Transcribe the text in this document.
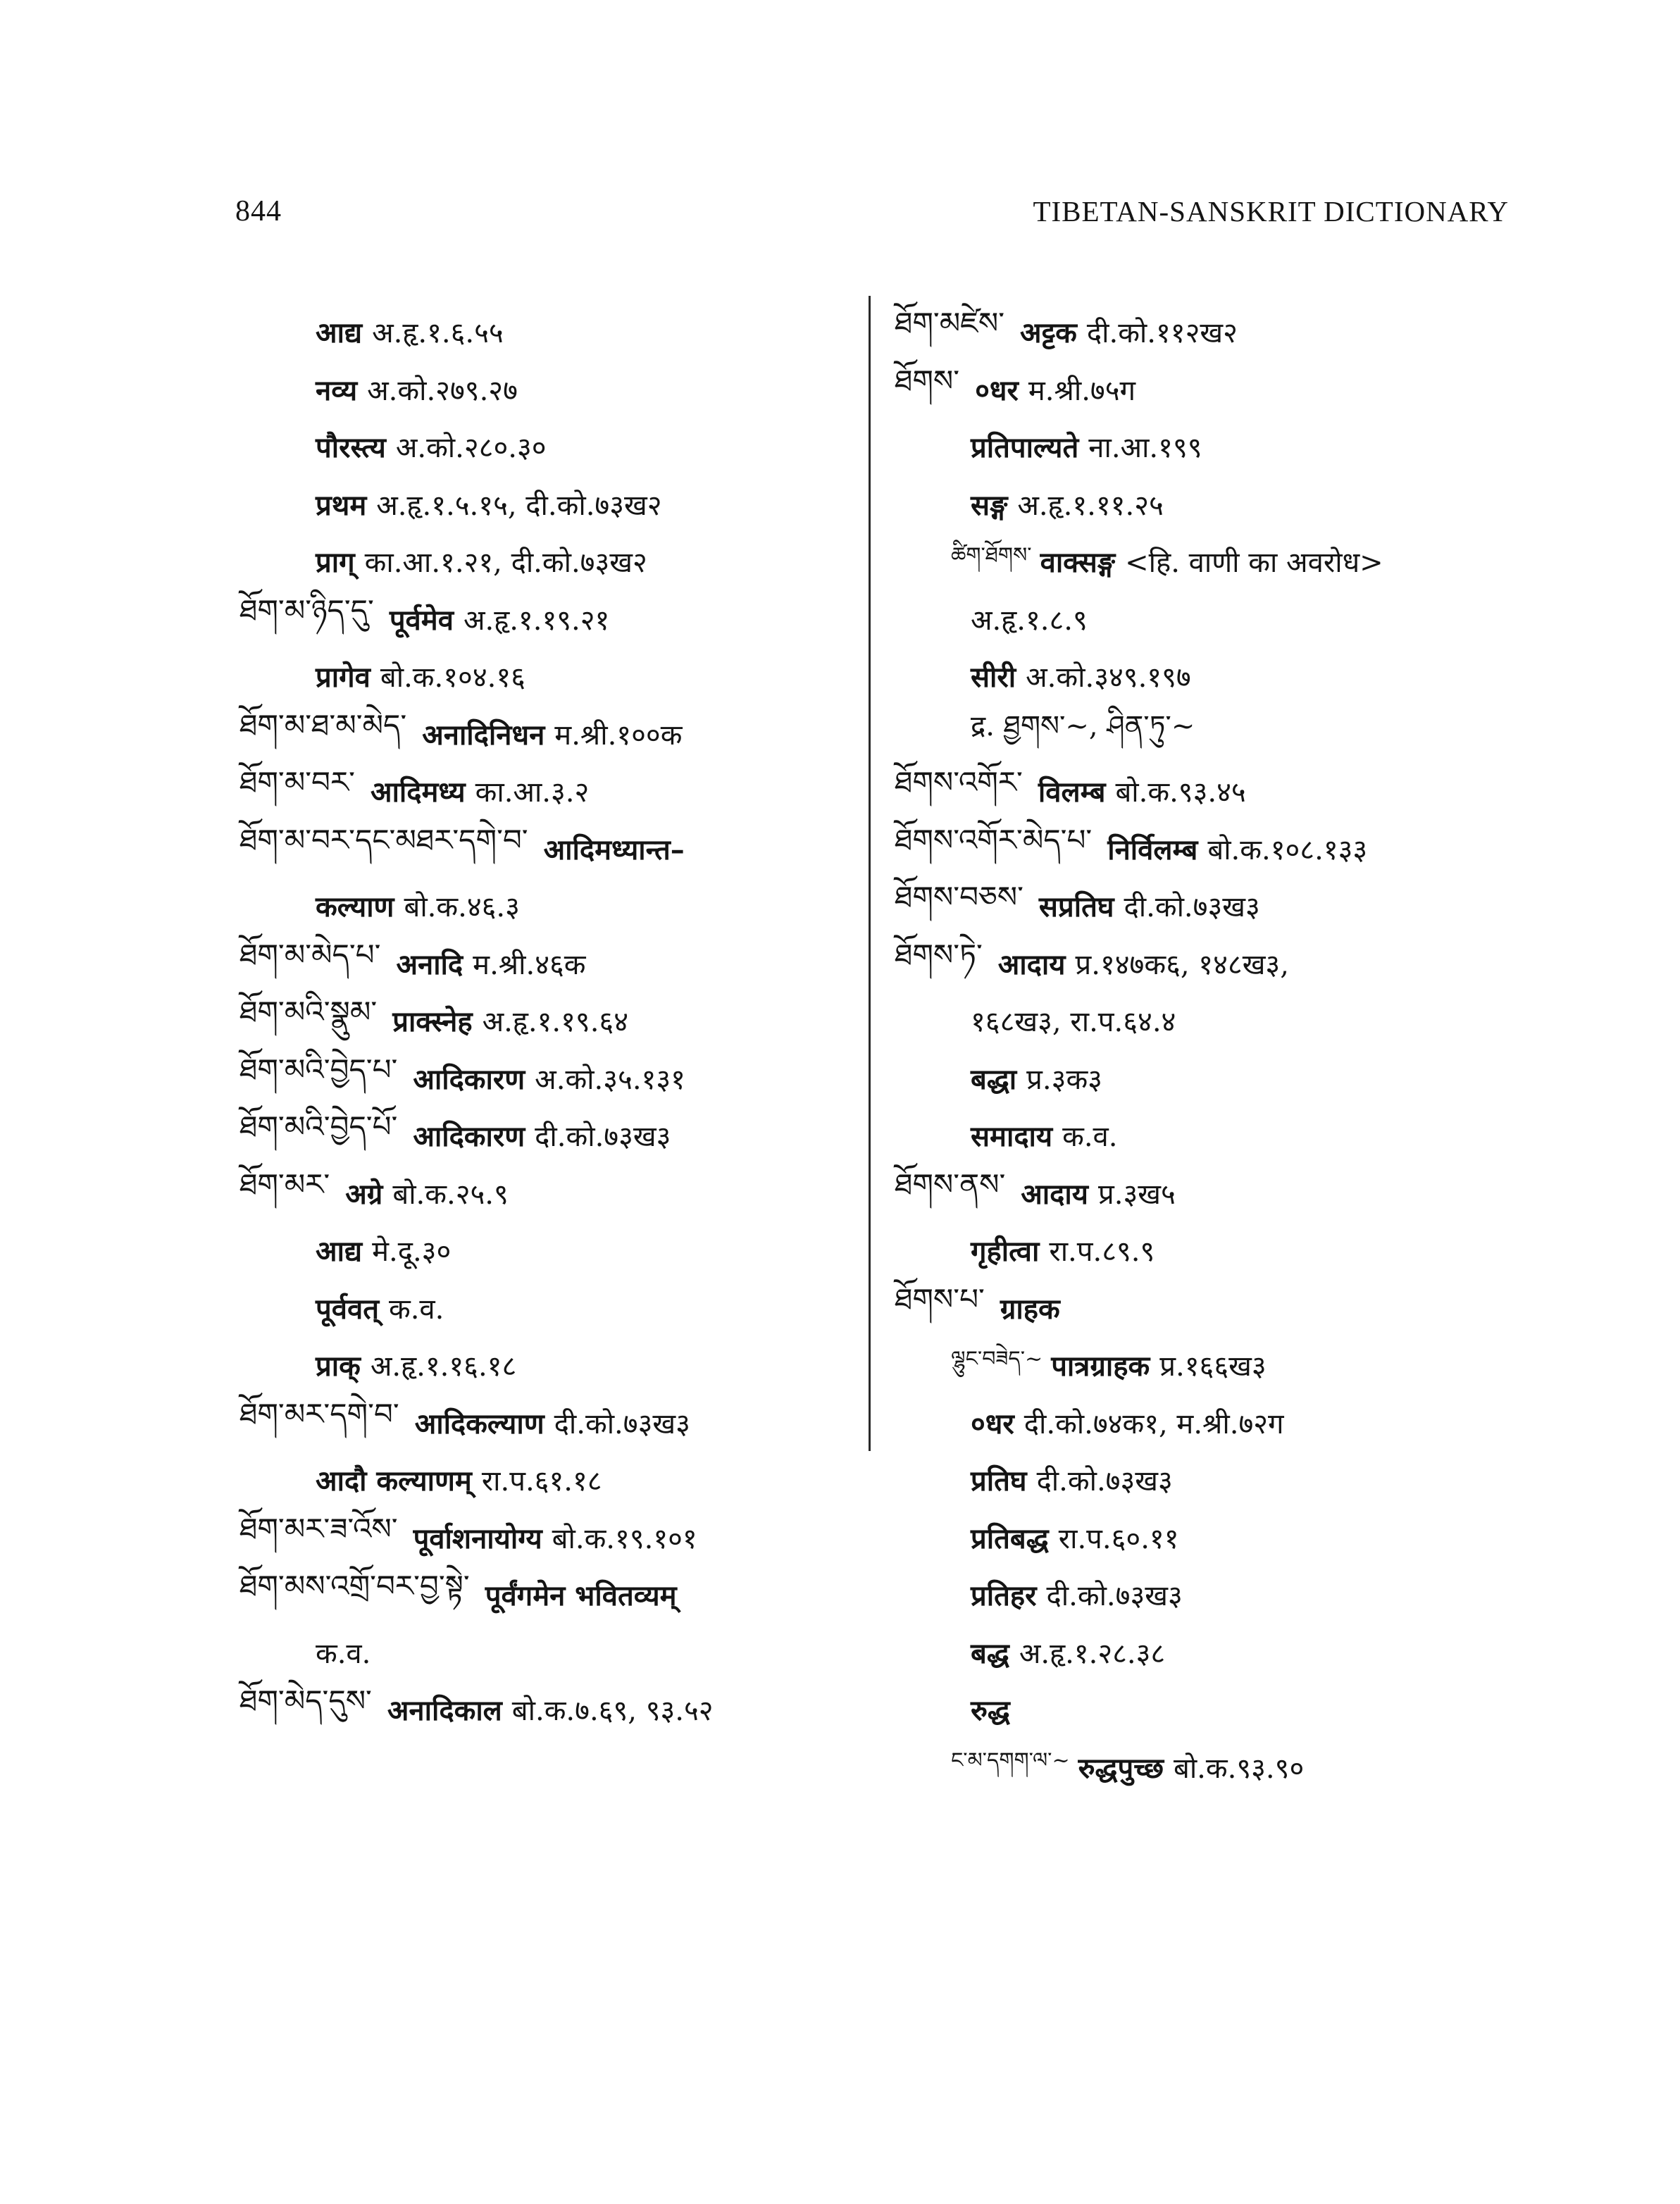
844	TIBETAN-SANSKRIT DICTIONARY
आद्य अ.हृ.१.६.५५
नव्य अ.को.२७९.२७
पौरस्त्य अ.को.२८०.३०
प्रथम अ.हृ.१.५.१५, दी.को.७३ख२
प्राग् का.आ.१.२१, दी.को.७३ख२
ཐོག་མ་ཉིད་དུ་ पूर्वमेव अ.हृ.१.१९.२१
प्रागेव बो.क.१०४.१६
ཐོག་མ་ཐ་མ་མེད་ अनादिनिधन म.श्री.१००क
ཐོག་མ་བར་ आदिमध्य का.आ.३.२
ཐོག་མ་བར་དང་མཐར་དགེ་བ་ आदिमध्यान्त–
कल्याण बो.क.४६.३
ཐོག་མ་མེད་པ་ अनादि म.श्री.४६क
ཐོག་མའི་སྣུམ་ प्राक्स्नेह अ.हृ.१.१९.६४
ཐོག་མའི་བྱེད་པ་ आदिकारण अ.को.३५.१३१
ཐོག་མའི་བྱེད་པོ་ आदिकारण दी.को.७३ख३
ཐོག་མར་ अग्रे बो.क.२५.९
आद्य मे.दू.३०
पूर्ववत् क.व.
प्राक् अ.हृ.१.१६.१८
ཐོག་མར་དགེ་བ་ आदिकल्याण दी.को.७३ख३
आदौ कल्याणम् रा.प.६१.१८
ཐོག་མར་ཟ་འོས་ पूर्वाशनायोग्य बो.क.१९.१०१
ཐོག་མས་འགྲོ་བར་བྱ་སྟེ་ पूर्वंगमेन भवितव्यम्
क.व.
ཐོག་མེད་དུས་ अनादिकाल बो.क.७.६९, ९३.५२
ཐོག་མཛེས་ अट्टक दी.को.११२ख२
ཐོགས་ ०धर म.श्री.७५ग
प्रतिपाल्यते ना.आ.१९९
सङ्ग अ.हृ.१.११.२५
ཚིག་ཐོགས་ वाक्सङ्ग <हि. वाणी का अवरोध>
अ.हृ.१.८.९
सीरी अ.को.३४९.१९७
द्र. ཐྱགས་~, ཤིན་ཏུ་~
ཐོགས་འགོར་ विलम्ब बो.क.९३.४५
ཐོགས་འགོར་མེད་པ་ निर्विलम्ब बो.क.१०८.१३३
ཐོགས་བཅས་ सप्रतिघ दी.को.७३ख३
ཐོགས་ཏེ་ आदाय प्र.१४७क६, १४८ख३,
१६८ख३, रा.प.६४.४
बद्धा प्र.३क३
समादाय क.व.
ཐོགས་ནས་ आदाय प्र.३ख५
गृहीत्वा रा.प.८९.९
ཐོགས་པ་ ग्राहक
ལྷུང་བཟེད་~ पात्रग्राहक प्र.१६६ख३
०धर दी.को.७४क१, म.श्री.७२ग
प्रतिघ दी.को.७३ख३
प्रतिबद्ध रा.प.६०.११
प्रतिहर दी.को.७३ख३
बद्ध अ.हृ.१.२८.३८
रुद्ध
ང་མ་དགག་ལ་~ रुद्धपुच्छ बो.क.९३.९०
